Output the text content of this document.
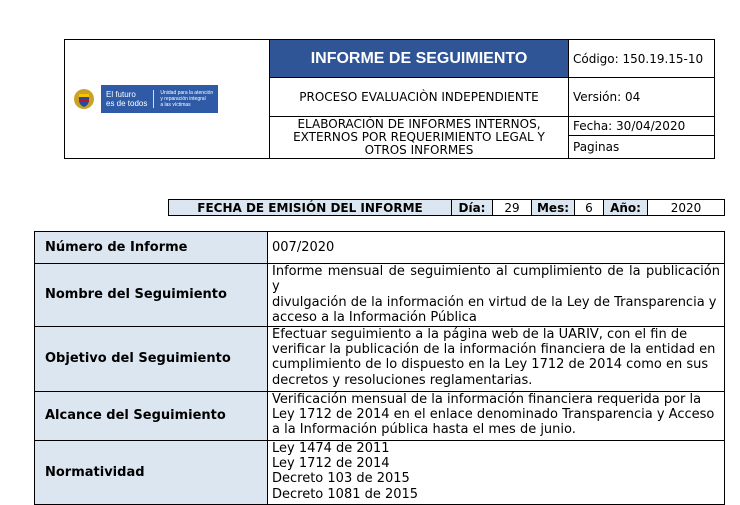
El futuro
es de todos
Unidad para la atención
y reparación integral
a las víctimas	INFORME DE SEGUIMIENTO	Código: 150.19.15-10
	PROCESO EVALUACIÒN INDEPENDIENTE	Versión: 04

	ELABORACIÓN DE INFORMES INTERNOS,
EXTERNOS POR REQUERIMIENTO LEGAL Y
OTROS INFORMES	Fecha: 30/04/2020
		Paginas
FECHA DE EMISIÓN DEL INFORME	Día:	29	Mes:	6	Año:	2020
Número de Informe	007/2020
Nombre del Seguimiento	Informe mensual de seguimiento al cumplimiento de la publicación y
divulgación de la información en virtud de la Ley de Transparencia y
acceso a la Información Pública

Objetivo del Seguimiento	Efectuar seguimiento a la página web de la UARIV, con el fin de
verificar la publicación de la información financiera de la entidad en
cumplimiento de lo dispuesto en la Ley 1712 de 2014 como en sus
decretos y resoluciones reglamentarias.

Alcance del Seguimiento	Verificación mensual de la información financiera requerida por la
Ley 1712 de 2014 en el enlace denominado Transparencia y Acceso
a la Información pública hasta el mes de junio.

Normatividad	Ley 1474 de 2011
Ley 1712 de 2014
Decreto 103 de 2015
Decreto 1081 de 2015
